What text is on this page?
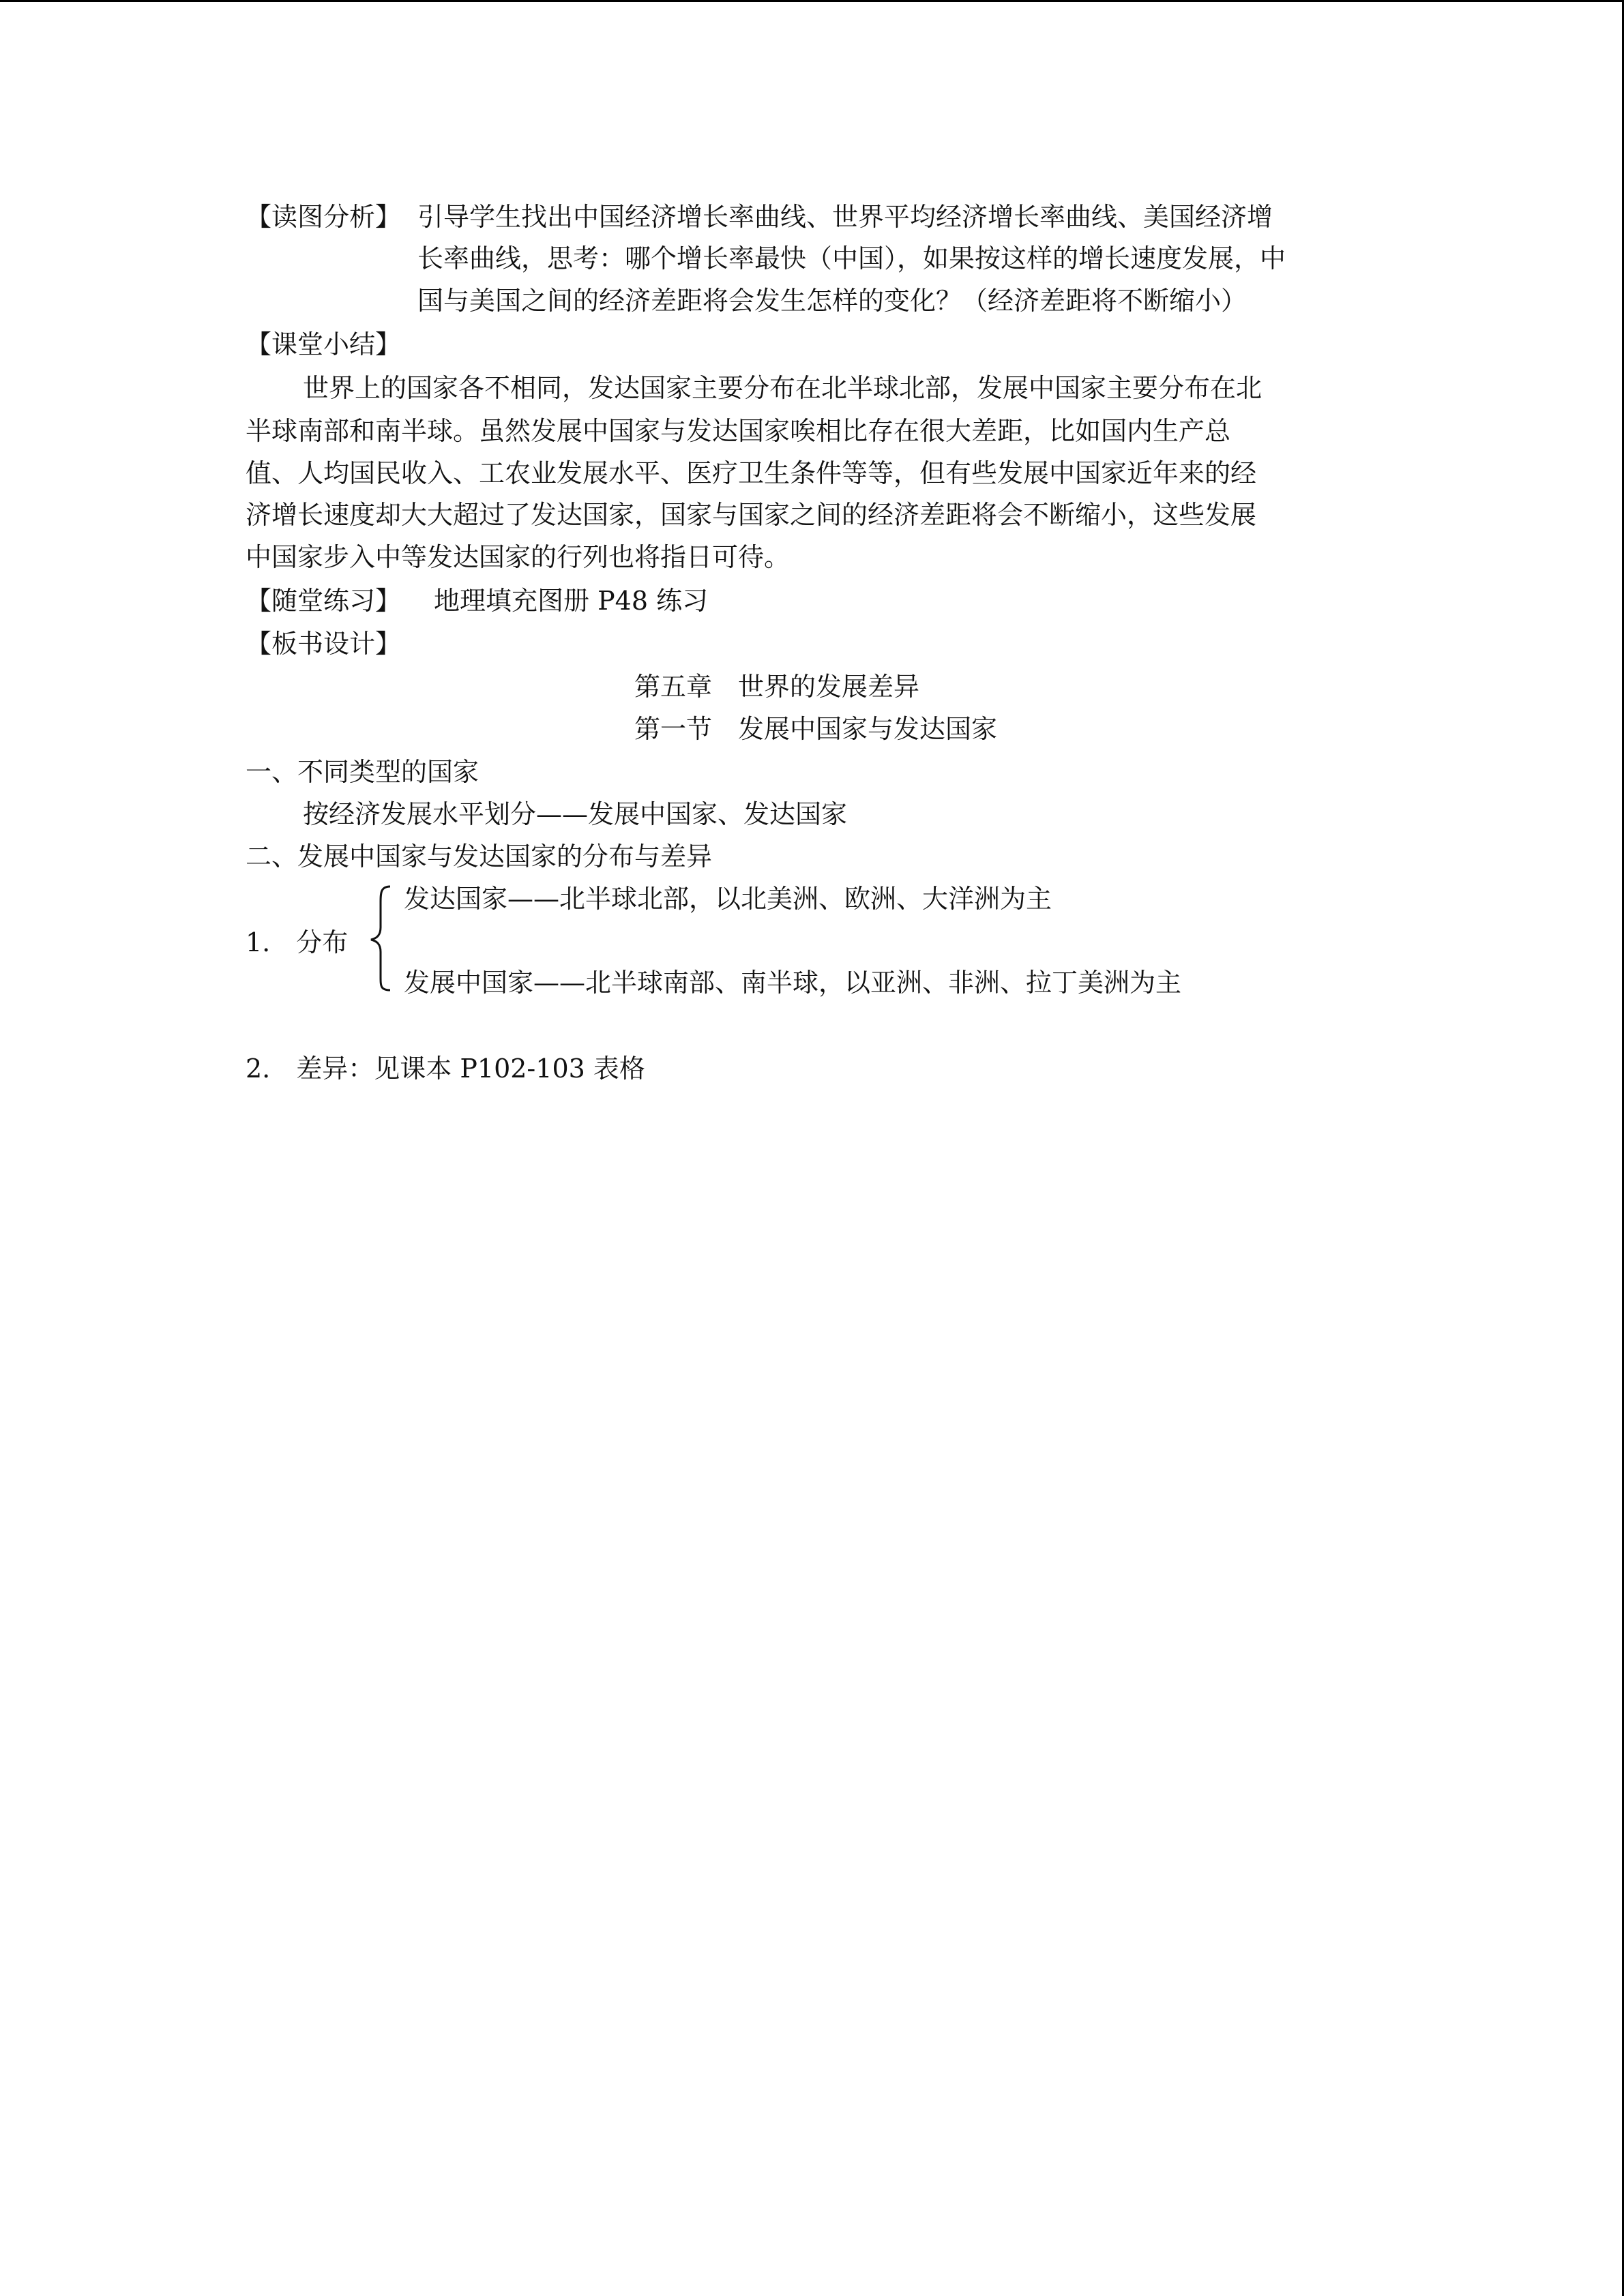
【读图分析】 引导学生找出中国经济增长率曲线、世界平均经济增长率曲线、美国经济增
长率曲线，思考：哪个增长率最快（中国），如果按这样的增长速度发展，中
国与美国之间的经济差距将会发生怎样的变化？（经济差距将不断缩小）
【课堂小结】
世界上的国家各不相同，发达国家主要分布在北半球北部，发展中国家主要分布在北
半球南部和南半球。虽然发展中国家与发达国家唉相比存在很大差距，比如国内生产总
值、人均国民收入、工农业发展水平、医疗卫生条件等等，但有些发展中国家近年来的经
济增长速度却大大超过了发达国家，国家与国家之间的经济差距将会不断缩小，这些发展
中国家步入中等发达国家的行列也将指日可待。
【随堂练习】 地理填充图册 P48 练习
【板书设计】
第五章　世界的发展差异
第一节　发展中国家与发达国家
一、不同类型的国家
按经济发展水平划分——发展中国家、发达国家
二、发展中国家与发达国家的分布与差异
发达国家——北半球北部，以北美洲、欧洲、大洋洲为主
1.　分布
发展中国家——北半球南部、南半球，以亚洲、非洲、拉丁美洲为主
2.　差异：见课本 P102-103 表格
